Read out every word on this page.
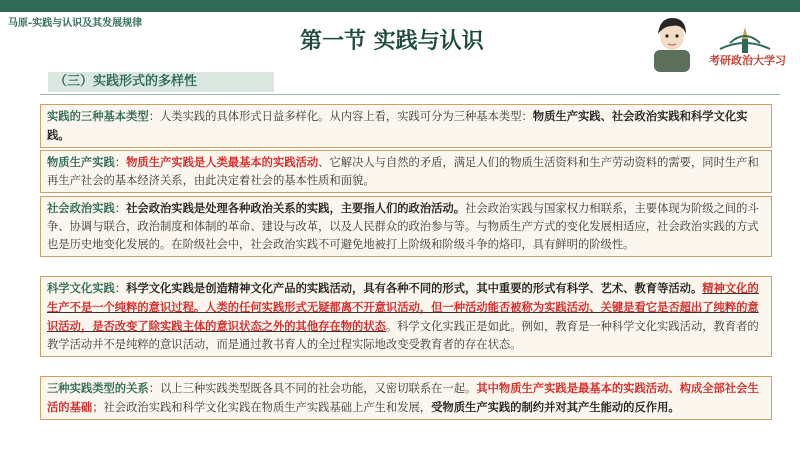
马原-实践与认识及其发展规律
第一节 实践与认识
考研政治大学习
（三）实践形式的多样性
实践的三种基本类型：人类实践的具体形式日益多样化。从内容上看，实践可分为三种基本类型：物质生产实践、社会政治实践和科学文化实践。
物质生产实践：物质生产实践是人类最基本的实践活动、它解决人与自然的矛盾，满足人们的物质生活资料和生产劳动资料的需要，同时生产和再生产社会的基本经济关系，由此决定着社会的基本性质和面貌。
社会政治实践：社会政治实践是处理各种政治关系的实践，主要指人们的政治活动。社会政治实践与国家权力相联系，主要体现为阶级之间的斗争、协调与联合，政治制度和体制的革命、建设与改革，以及人民群众的政治参与等。与物质生产方式的变化发展相适应，社会政治实践的方式也是历史地变化发展的。在阶级社会中，社会政治实践不可避免地被打上阶级和阶级斗争的烙印，具有鲜明的阶级性。
科学文化实践：科学文化实践是创造精神文化产品的实践活动，具有各种不同的形式，其中重要的形式有科学、艺术、教育等活动。精神文化的生产不是一个纯粹的意识过程。人类的任何实践形式无疑都离不开意识活动，但一种活动能否被称为实践活动、关键是看它是否超出了纯粹的意识活动，是否改变了除实践主体的意识状态之外的其他存在物的状态。科学文化实践正是如此。例如，教育是一种科学文化实践活动，教育者的教学活动并不是纯粹的意识活动，而是通过教书育人的全过程实际地改变受教育者的存在状态。
三种实践类型的关系：以上三种实践类型既各具不同的社会功能，又密切联系在一起。其中物质生产实践是最基本的实践活动、构成全部社会生活的基础；社会政治实践和科学文化实践在物质生产实践基础上产生和发展，受物质生产实践的制约并对其产生能动的反作用。
